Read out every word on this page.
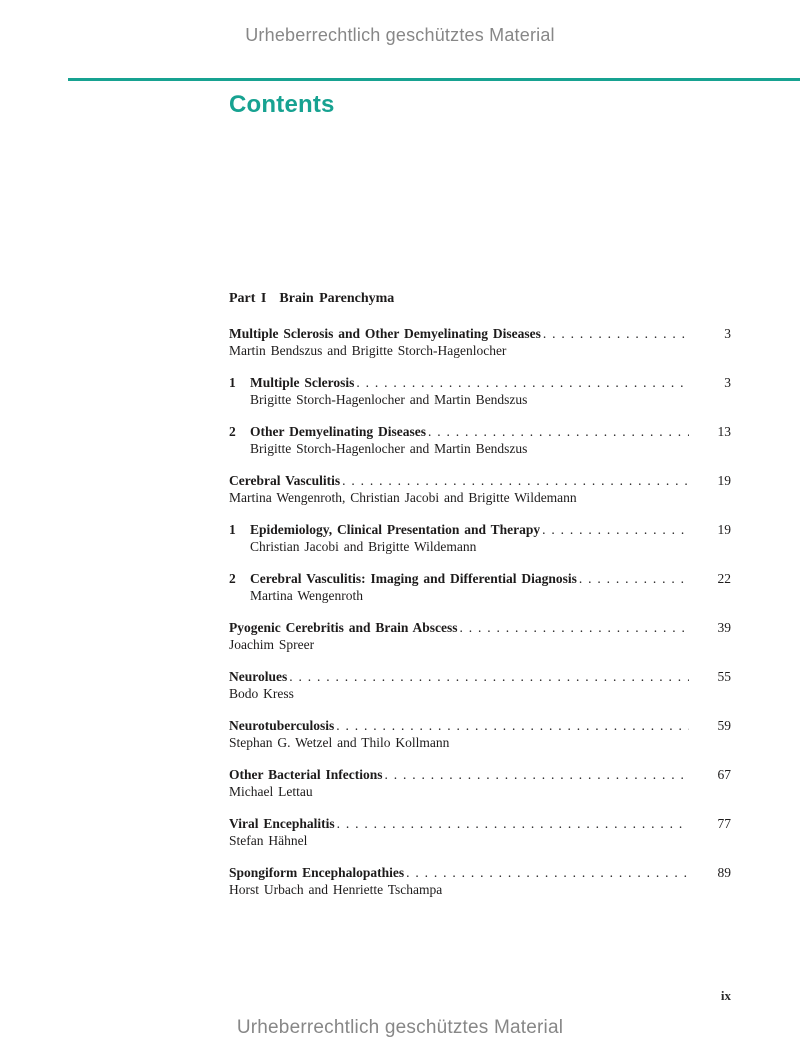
Urheberrechtlich geschütztes Material
Contents
Part I Brain Parenchyma
Multiple Sclerosis and Other Demyelinating Diseases . . .	3
Martin Bendszus and Brigitte Storch-Hagenlocher
1	Multiple Sclerosis . . .	3
Brigitte Storch-Hagenlocher and Martin Bendszus
2	Other Demyelinating Diseases . . .	13
Brigitte Storch-Hagenlocher and Martin Bendszus
Cerebral Vasculitis . . .	19
Martina Wengenroth, Christian Jacobi and Brigitte Wildemann
1	Epidemiology, Clinical Presentation and Therapy . . .	19
Christian Jacobi and Brigitte Wildemann
2	Cerebral Vasculitis: Imaging and Differential Diagnosis . . .	22
Martina Wengenroth
Pyogenic Cerebritis and Brain Abscess . . .	39
Joachim Spreer
Neurolues . . .	55
Bodo Kress
Neurotuberculosis . . .	59
Stephan G. Wetzel and Thilo Kollmann
Other Bacterial Infections . . .	67
Michael Lettau
Viral Encephalitis . . .	77
Stefan Hähnel
Spongiform Encephalopathies . . .	89
Horst Urbach and Henriette Tschampa
ix
Urheberrechtlich geschütztes Material
